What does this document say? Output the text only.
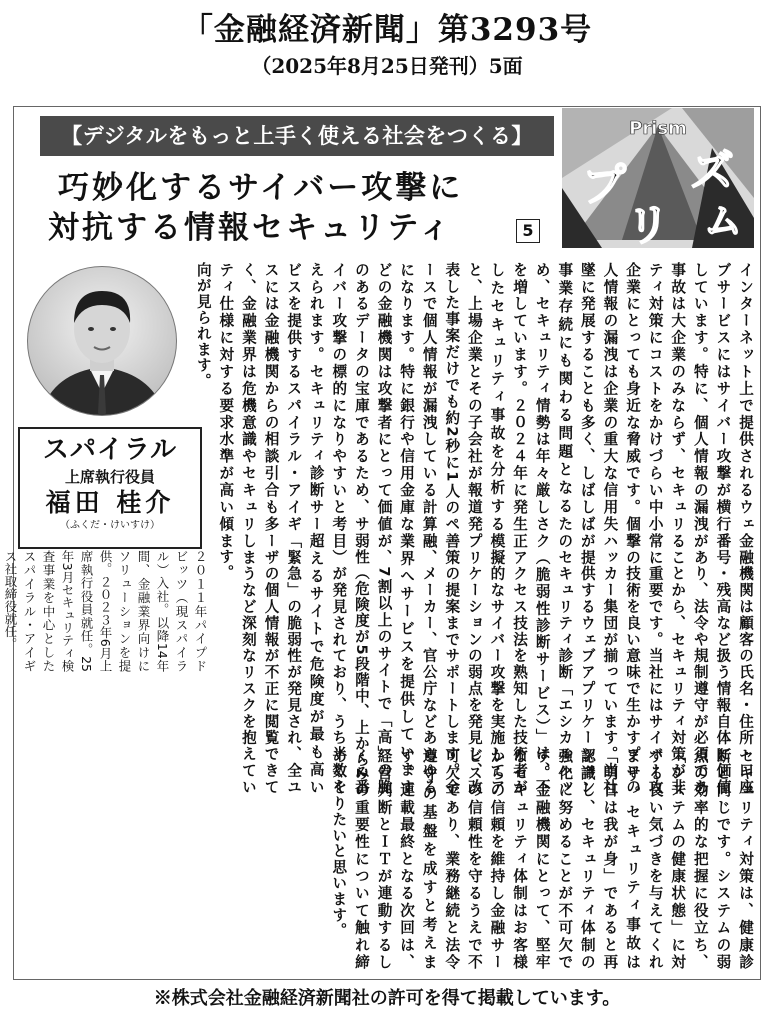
「金融経済新聞」第3293号
（2025年8月25日発刊）5面
【デジタルをもっと上手く使える社会をつくる】
巧妙化するサイバー攻撃に
対抗する情報セキュリティ	5
Prism
プ ズ
リ ム
スパイラル
上席執行役員
福田 桂介
（ふくだ・けいすけ）
２０１１年パイプドビッツ（現スパイラル）入社。以降14年間、金融業界向けにソリューションを提供。２０２３年6月上席執行役員就任。25年3月セキュリティ検査事業を中心としたスパイラル・アイギス社取締役就任。
インターネット上で提供されるウェブサービスにはサイバー攻撃が横行しています。特に、個人情報の漏洩事故は大企業のみならず、セキュリティ対策にコストをかけづらい中小企業にとっても身近な脅威です。個人情報の漏洩は企業の重大な信用失墜に発展することも多く、しばしば事業存続にも関わる問題となるため、セキュリティ情勢は年々厳しさを増しています。２０２４年に発生したセキュリティ事故を分析すると、上場企業とその子会社が報道発表した事案だけでも約2秒に1人のペースで個人情報が漏洩している計算になります。特に銀行や信用金庫などの金融機関は攻撃者にとって価値のあるデータの宝庫であるため、サイバー攻撃の標的になりやすいと考えられます。セキュリティ診断サービスを提供するスパイラル・アイギスには金融機関からの相談引合も多く、金融業界は危機意識やセキュリティ仕様に対する要求水準が高い傾向が見られます。
金融機関は顧客の氏名・住所・口座番号・残高など扱う情報自体に価値があり、法令や規制遵守が必須であることから、セキュリティ対策が非常に重要です。当社にはサイバー攻撃の技術を良い意味で生かすプロのハッカー集団が揃っています。当社が提供するウェブアプリケーションのセキュリティ診断「エシカルハック（脆弱性診断サービス）」は、不正アクセス技法を熟知した技術者が模擬的なサイバー攻撃を実施してアプリケーションの弱点を発見し、改善策の提案までサポートします。金融、メーカー、官公庁などあらゆる業界へサービスを提供していますが、7割以上のサイトで「高」の脆弱性（危険度が5段階中、上から2番目）が発見されており、うち半数を超えるサイトで危険度が最も高い「緊急」の脆弱性が発見され、全ユーザの個人情報が不正に閲覧できてしまうなど深刻なリスクを抱えています。
セキュリティ対策は、健康診断と同じです。システムの弱点の効率的な把握に役立ち、「システムの健康状態」に対する良い気づきを与えてくれます。セキュリティ事故は「明日は我が身」であると再認識し、セキュリティ体制の強化に努めることが不可欠です。金融機関にとって、堅牢なセキュリティ体制はお客様からの信頼を維持し金融サービスの信頼性を守るうえで不可欠であり、業務継続と法令遵守の基盤を成すと考えます。連載最終となる次回は、経営判断とＩＴが連動するしくみの重要性について触れ締めくくりたいと思います。
※株式会社金融経済新聞社の許可を得て掲載しています。
